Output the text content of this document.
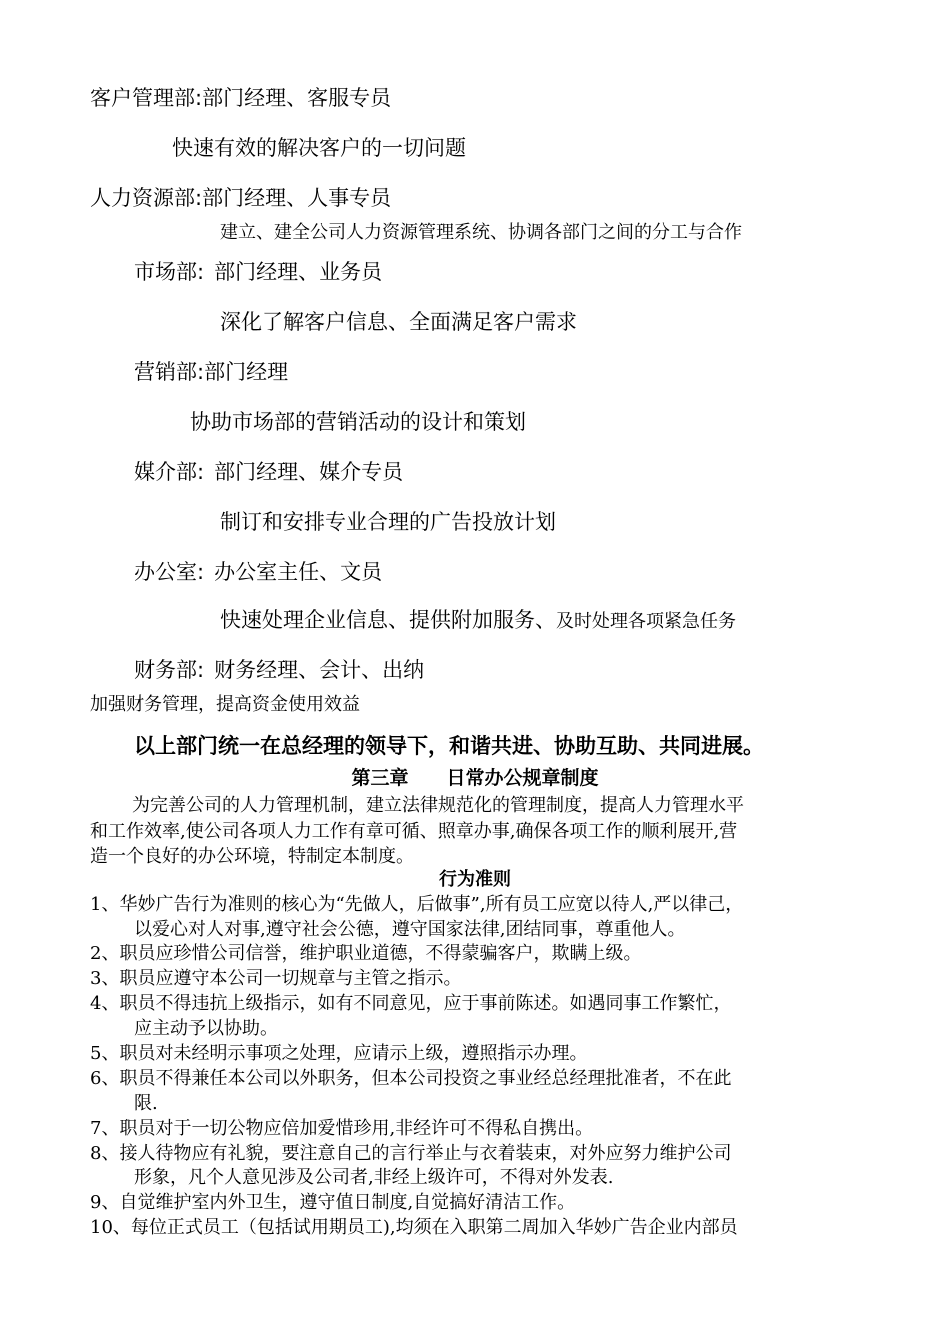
客户管理部:部门经理、客服专员
快速有效的解决客户的一切问题
人力资源部:部门经理、人事专员
建立、建全公司人力资源管理系统、协调各部门之间的分工与合作
市场部: 部门经理、业务员
深化了解客户信息、全面满足客户需求
营销部:部门经理
协助市场部的营销活动的设计和策划
媒介部: 部门经理、媒介专员
制订和安排专业合理的广告投放计划
办公室: 办公室主任、文员
快速处理企业信息、提供附加服务、及时处理各项紧急任务
财务部: 财务经理、会计、出纳
加强财务管理，提高资金使用效益
以上部门统一在总经理的领导下，和谐共进、协助互助、共同进展。
第三章　　日常办公规章制度
为完善公司的人力管理机制，建立法律规范化的管理制度，提高人力管理水平
和工作效率,使公司各项人力工作有章可循、照章办事,确保各项工作的顺利展开,营
造一个良好的办公环境，特制定本制度。
行为准则
1、华妙广告行为准则的核心为“先做人，后做事”,所有员工应宽以待人,严以律己，
以爱心对人对事,遵守社会公德，遵守国家法律,团结同事，尊重他人。
2、职员应珍惜公司信誉，维护职业道德，不得蒙骗客户，欺瞒上级。
3、职员应遵守本公司一切规章与主管之指示。
4、职员不得违抗上级指示，如有不同意见，应于事前陈述。如遇同事工作繁忙，
应主动予以协助。
5、职员对未经明示事项之处理，应请示上级，遵照指示办理。
6、职员不得兼任本公司以外职务，但本公司投资之事业经总经理批准者，不在此
限.
7、职员对于一切公物应倍加爱惜珍用,非经许可不得私自携出。
8、接人待物应有礼貌，要注意自己的言行举止与衣着装束，对外应努力维护公司
形象，凡个人意见涉及公司者,非经上级许可，不得对外发表.
9、自觉维护室内外卫生，遵守值日制度,自觉搞好清洁工作。
10、每位正式员工（包括试用期员工),均须在入职第二周加入华妙广告企业内部员
